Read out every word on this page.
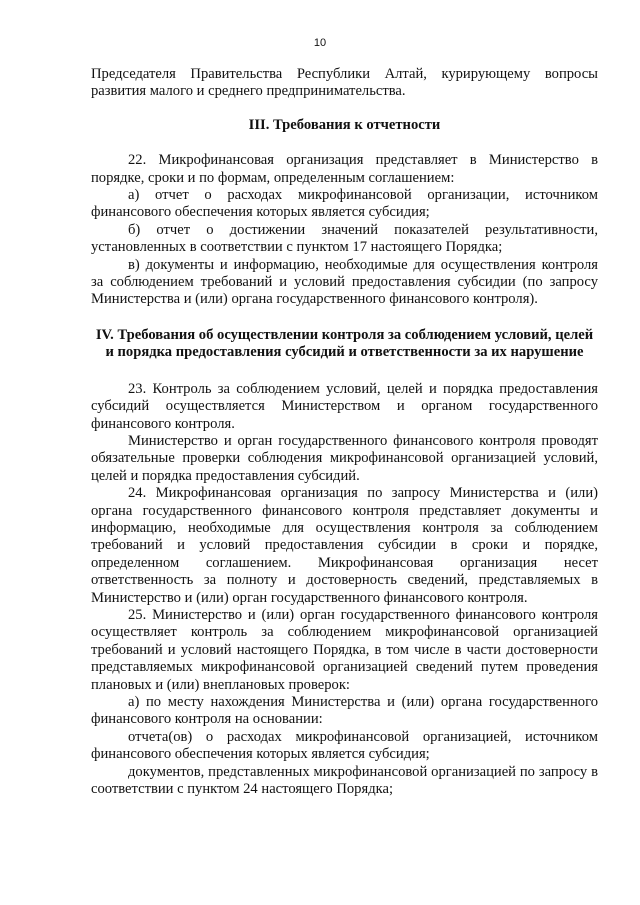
10

Председателя Правительства Республики Алтай, курирующему вопросы развития малого и среднего предпринимательства.

III. Требования к отчетности

22. Микрофинансовая организация представляет в Министерство в порядке, сроки и по формам, определенным соглашением:

а) отчет о расходах микрофинансовой организации, источником финансового обеспечения которых является субсидия;

б) отчет о достижении значений показателей результативности, установленных в соответствии с пунктом 17 настоящего Порядка;

в) документы и информацию, необходимые для осуществления контроля за соблюдением требований и условий предоставления субсидии (по запросу Министерства и (или) органа государственного финансового контроля).

IV. Требования об осуществлении контроля за соблюдением условий, целей и порядка предоставления субсидий и ответственности за их нарушение

23. Контроль за соблюдением условий, целей и порядка предоставления субсидий осуществляется Министерством и органом государственного финансового контроля.

Министерство и орган государственного финансового контроля проводят обязательные проверки соблюдения микрофинансовой организацией условий, целей и порядка предоставления субсидий.

24. Микрофинансовая организация по запросу Министерства и (или) органа государственного финансового контроля представляет документы и информацию, необходимые для осуществления контроля за соблюдением требований и условий предоставления субсидии в сроки и порядке, определенном соглашением. Микрофинансовая организация несет ответственность за полноту и достоверность сведений, представляемых в Министерство и (или) орган государственного финансового контроля.

25. Министерство и (или) орган государственного финансового контроля осуществляет контроль за соблюдением микрофинансовой организацией требований и условий настоящего Порядка, в том числе в части достоверности представляемых микрофинансовой организацией сведений путем проведения плановых и (или) внеплановых проверок:

а) по месту нахождения Министерства и (или) органа государственного финансового контроля на основании:

отчета(ов) о расходах микрофинансовой организацией, источником финансового обеспечения которых является субсидия;

документов, представленных микрофинансовой организацией по запросу в соответствии с пунктом 24 настоящего Порядка;
